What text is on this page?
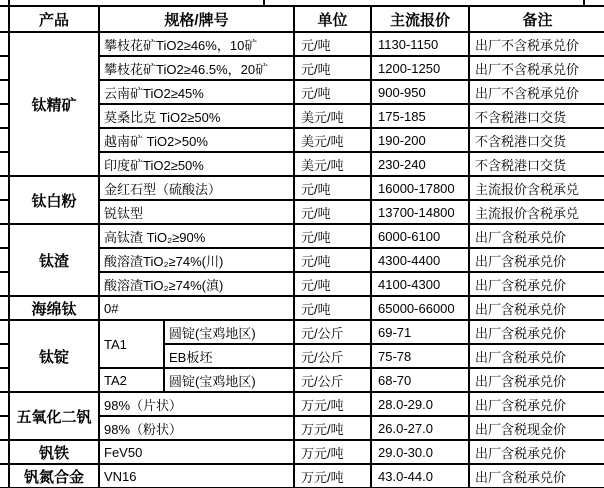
产品	规格/牌号		单位	主流报价	备注
钛精矿	攀枝花矿TiO2≥46%，10矿		元/吨	1130-1150	出厂不含税承兑价
	攀枝花矿TiO2≥46.5%，20矿		元/吨	1200-1250	出厂不含税承兑价
	云南矿TiO2≥45%		元/吨	900-950	出厂不含税承兑价
	莫桑比克 TiO2≥50%		美元/吨	175-185	不含税港口交货
	越南矿 TiO2>50%		美元/吨	190-200	不含税港口交货
	印度矿TiO2≥50%		美元/吨	230-240	不含税港口交货
钛白粉	金红石型（硫酸法）		元/吨	16000-17800	主流报价含税承兑
	锐钛型		元/吨	13700-14800	主流报价含税承兑
钛渣	高钛渣 TiO₂≥90%		元/吨	6000-6100	出厂含税承兑价
	酸溶渣TiO₂≥74%(川)		元/吨	4300-4400	出厂含税承兑价
	酸溶渣TiO₂≥74%(滇)		元/吨	4100-4300	出厂含税承兑价
海绵钛	0#		元/吨	65000-66000	出厂含税承兑价
钛锭	TA1	圆锭(宝鸡地区)	元/公斤	69-71	出厂含税承兑价
		EB板坯	元/公斤	75-78	出厂含税承兑价
	TA2	圆锭(宝鸡地区)	元/公斤	68-70	出厂含税承兑价
五氧化二钒	98%（片状）		万元/吨	28.0-29.0	出厂含税承兑价
	98%（粉状）		万元/吨	26.0-27.0	出厂含税现金价
钒铁	FeV50		万元/吨	29.0-30.0	出厂含税承兑价
钒氮合金	VN16		万元/吨	43.0-44.0	出厂含税承兑价
